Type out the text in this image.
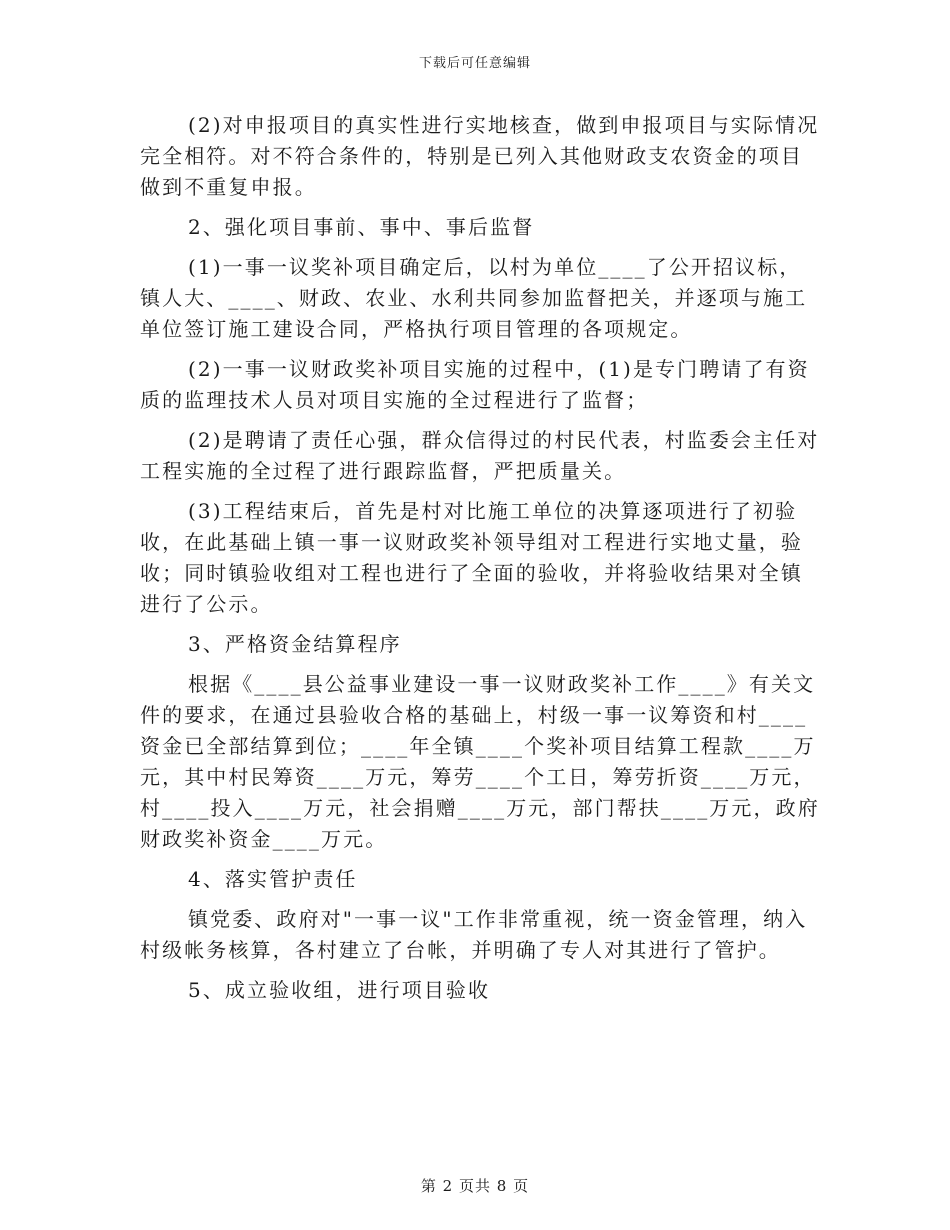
下载后可任意编辑

(2)对申报项目的真实性进行实地核查，做到申报项目与实际情况完全相符。对不符合条件的，特别是已列入其他财政支农资金的项目做到不重复申报。

2、强化项目事前、事中、事后监督

(1)一事一议奖补项目确定后，以村为单位____了公开招议标，镇人大、____、财政、农业、水利共同参加监督把关，并逐项与施工单位签订施工建设合同，严格执行项目管理的各项规定。

(2)一事一议财政奖补项目实施的过程中，(1)是专门聘请了有资质的监理技术人员对项目实施的全过程进行了监督；

(2)是聘请了责任心强，群众信得过的村民代表，村监委会主任对工程实施的全过程了进行跟踪监督，严把质量关。

(3)工程结束后，首先是村对比施工单位的决算逐项进行了初验收，在此基础上镇一事一议财政奖补领导组对工程进行实地丈量，验收；同时镇验收组对工程也进行了全面的验收，并将验收结果对全镇进行了公示。

3、严格资金结算程序

根据《____县公益事业建设一事一议财政奖补工作____》有关文件的要求，在通过县验收合格的基础上，村级一事一议筹资和村____资金已全部结算到位；____年全镇____个奖补项目结算工程款____万元，其中村民筹资____万元，筹劳____个工日，筹劳折资____万元，村____投入____万元，社会捐赠____万元，部门帮扶____万元，政府财政奖补资金____万元。

4、落实管护责任

镇党委、政府对"一事一议"工作非常重视，统一资金管理，纳入村级帐务核算，各村建立了台帐，并明确了专人对其进行了管护。

5、成立验收组，进行项目验收

第 2 页共 8 页
